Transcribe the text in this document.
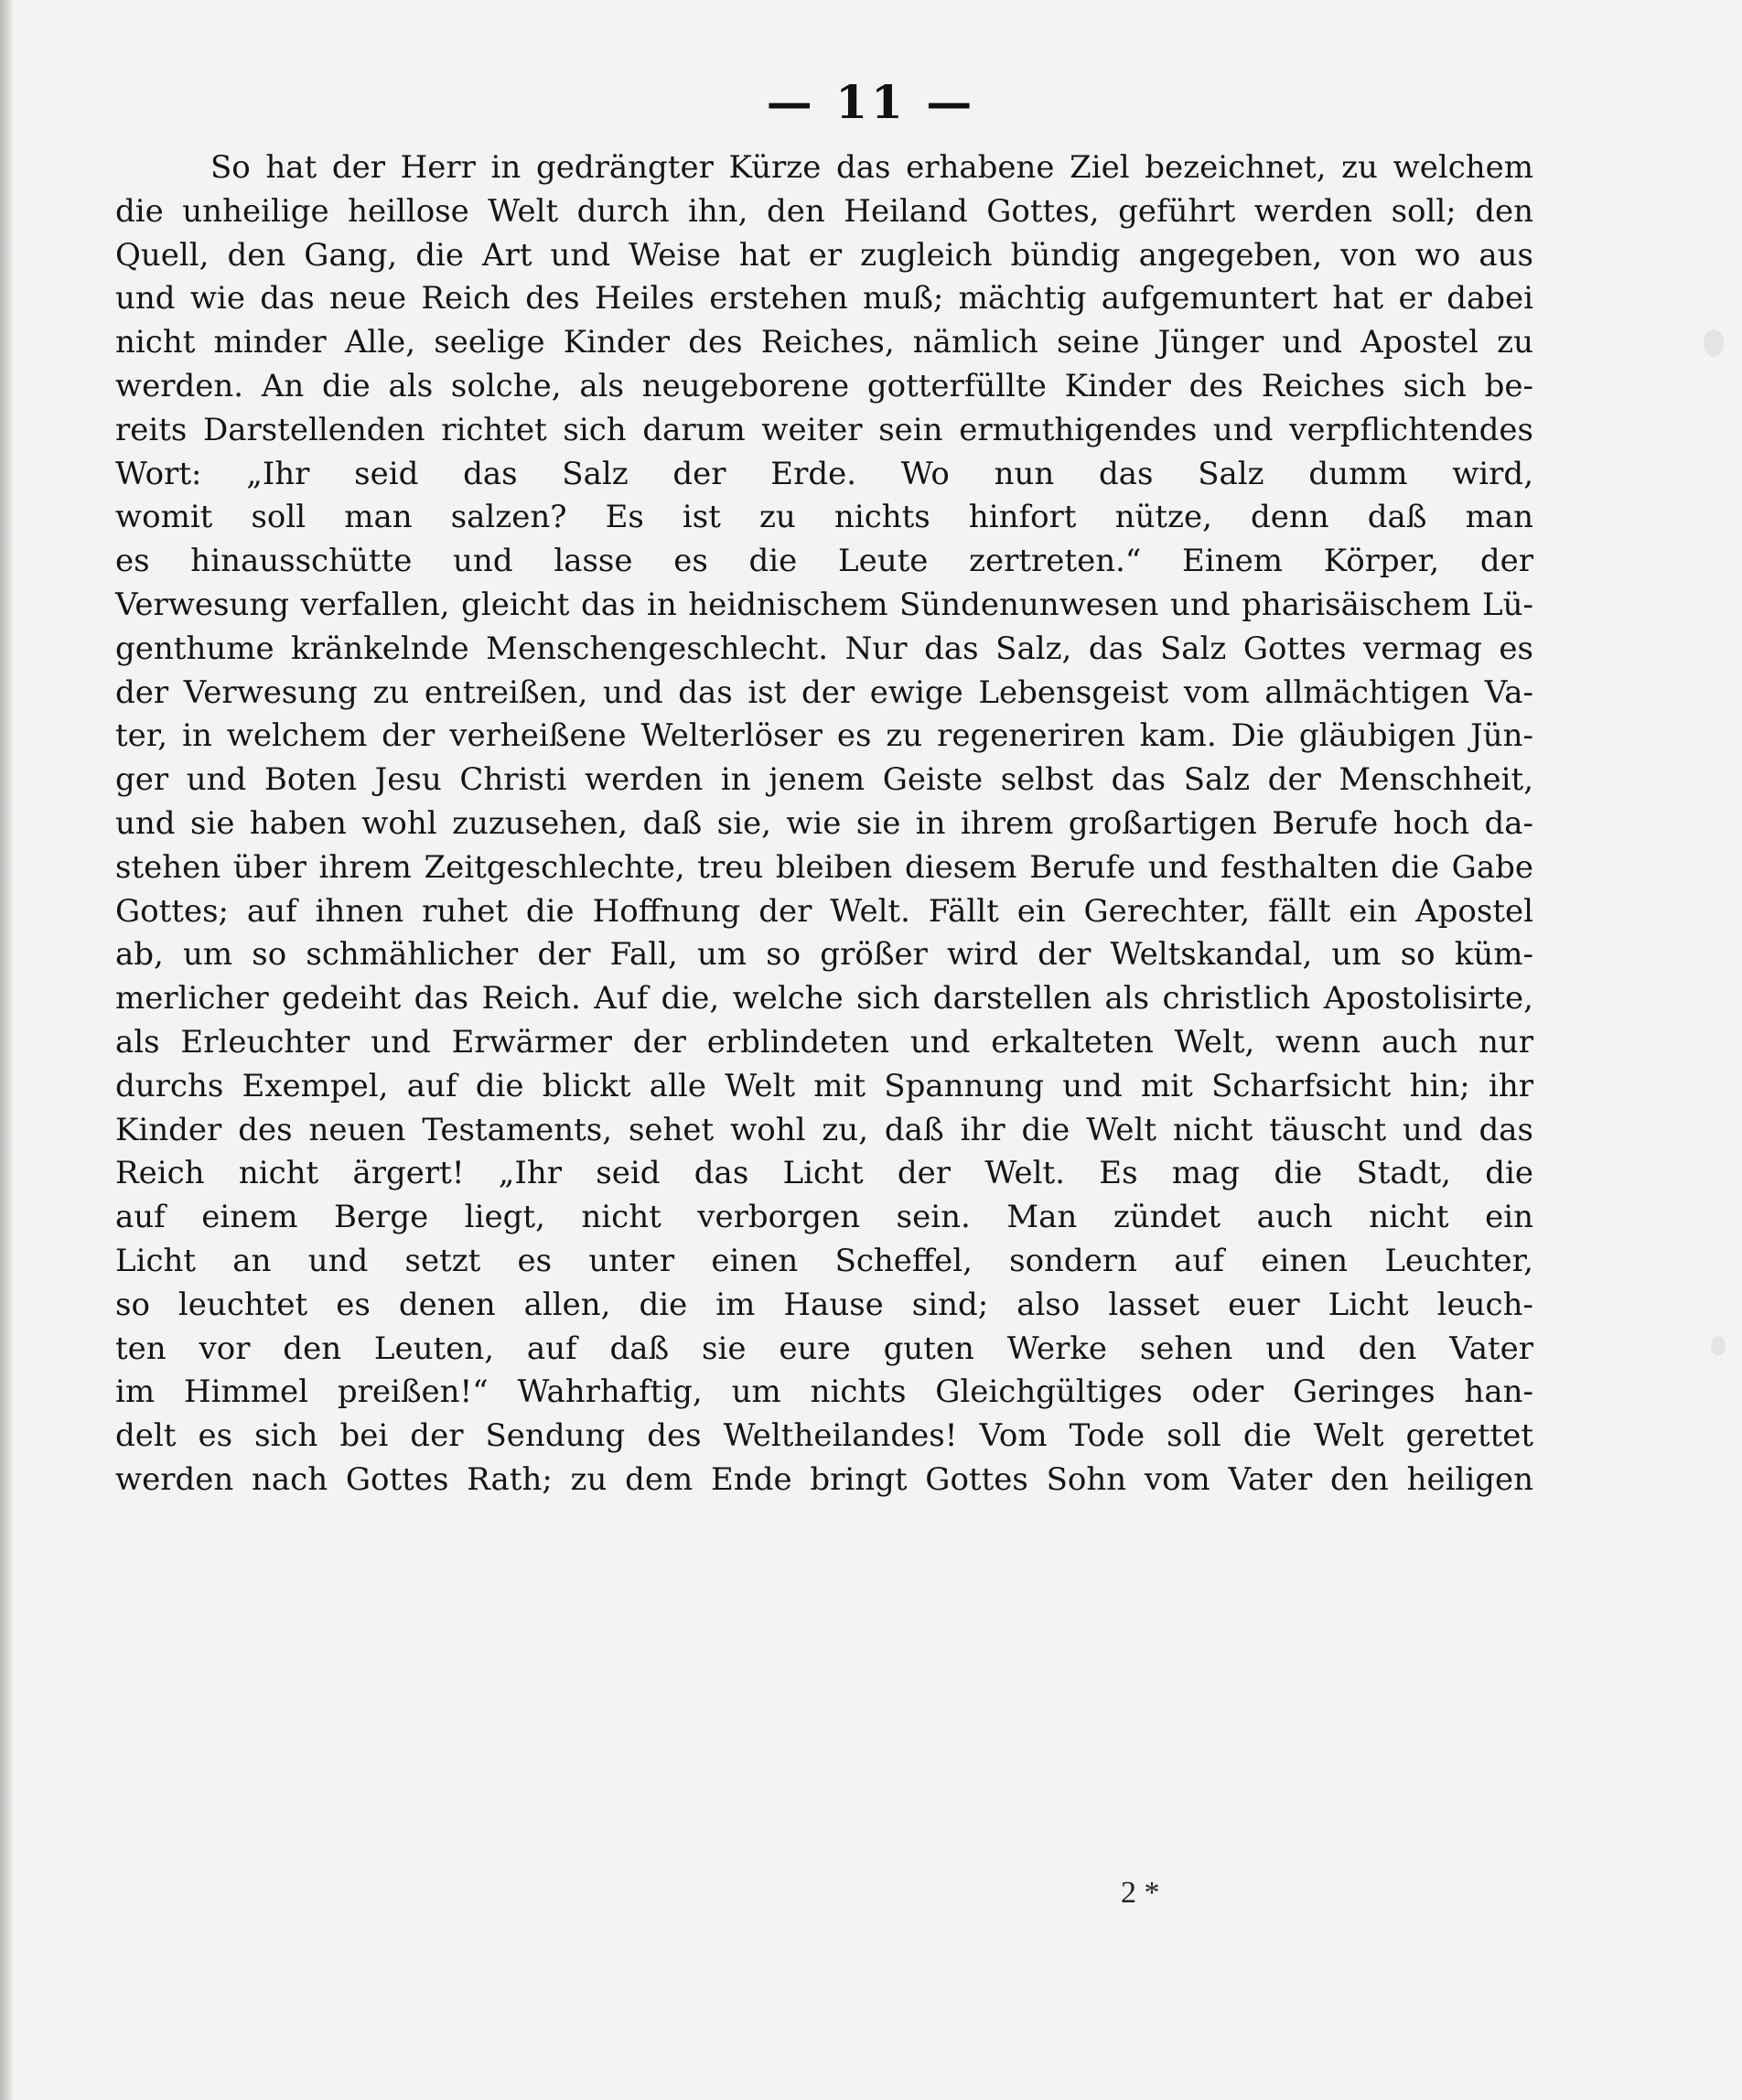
— 11 —
So hat der Herr in gedrängter Kürze das erhabene Ziel bezeichnet, zu welchem
die unheilige heillose Welt durch ihn, den Heiland Gottes, geführt werden soll; den
Quell, den Gang, die Art und Weise hat er zugleich bündig angegeben, von wo aus
und wie das neue Reich des Heiles erstehen muß; mächtig aufgemuntert hat er dabei
nicht minder Alle, seelige Kinder des Reiches, nämlich seine Jünger und Apostel zu
werden. An die als solche, als neugeborene gotterfüllte Kinder des Reiches sich be-
reits Darstellenden richtet sich darum weiter sein ermuthigendes und verpflichtendes
Wort: „Ihr seid das Salz der Erde. Wo nun das Salz dumm wird,
womit soll man salzen? Es ist zu nichts hinfort nütze, denn daß man
es hinausschütte und lasse es die Leute zertreten.“ Einem Körper, der
Verwesung verfallen, gleicht das in heidnischem Sündenunwesen und pharisäischem Lü-
genthume kränkelnde Menschengeschlecht. Nur das Salz, das Salz Gottes vermag es
der Verwesung zu entreißen, und das ist der ewige Lebensgeist vom allmächtigen Va-
ter, in welchem der verheißene Welterlöser es zu regeneriren kam. Die gläubigen Jün-
ger und Boten Jesu Christi werden in jenem Geiste selbst das Salz der Menschheit,
und sie haben wohl zuzusehen, daß sie, wie sie in ihrem großartigen Berufe hoch da-
stehen über ihrem Zeitgeschlechte, treu bleiben diesem Berufe und festhalten die Gabe
Gottes; auf ihnen ruhet die Hoffnung der Welt. Fällt ein Gerechter, fällt ein Apostel
ab, um so schmählicher der Fall, um so größer wird der Weltskandal, um so küm-
merlicher gedeiht das Reich. Auf die, welche sich darstellen als christlich Apostolisirte,
als Erleuchter und Erwärmer der erblindeten und erkalteten Welt, wenn auch nur
durchs Exempel, auf die blickt alle Welt mit Spannung und mit Scharfsicht hin; ihr
Kinder des neuen Testaments, sehet wohl zu, daß ihr die Welt nicht täuscht und das
Reich nicht ärgert! „Ihr seid das Licht der Welt. Es mag die Stadt, die
auf einem Berge liegt, nicht verborgen sein. Man zündet auch nicht ein
Licht an und setzt es unter einen Scheffel, sondern auf einen Leuchter,
so leuchtet es denen allen, die im Hause sind; also lasset euer Licht leuch-
ten vor den Leuten, auf daß sie eure guten Werke sehen und den Vater
im Himmel preißen!“ Wahrhaftig, um nichts Gleichgültiges oder Geringes han-
delt es sich bei der Sendung des Weltheilandes! Vom Tode soll die Welt gerettet
werden nach Gottes Rath; zu dem Ende bringt Gottes Sohn vom Vater den heiligen
2 *
